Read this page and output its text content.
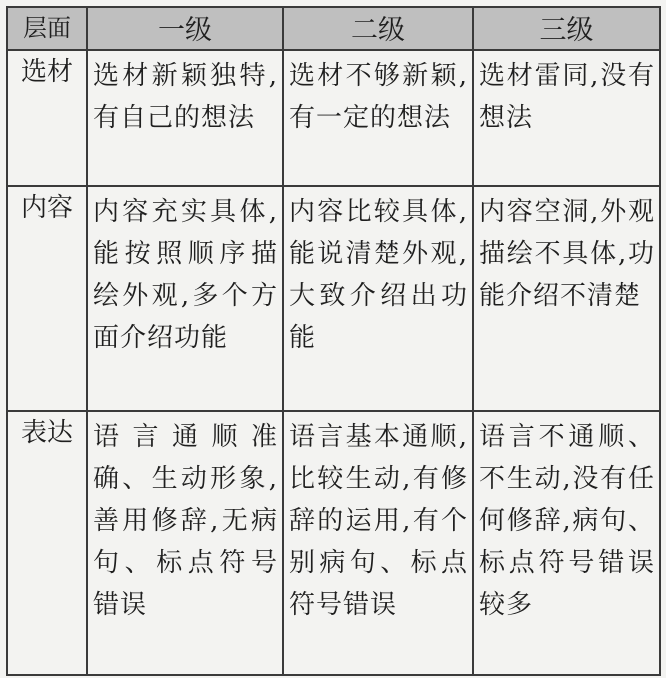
层面	一级	二级	三级
选材	选材新颖独特,有自己的想法	选材不够新颖,有一定的想法	选材雷同,没有想法
内容	内容充实具体,能按照顺序描绘外观,多个方面介绍功能	内容比较具体,能说清楚外观,大致介绍出功能	内容空洞,外观描绘不具体,功能介绍不清楚
表达	语言通顺准确、生动形象,善用修辞,无病句、标点符号错误	语言基本通顺,比较生动,有修辞的运用,有个别病句、标点符号错误	语言不通顺、不生动,没有任何修辞,病句、标点符号错误较多
